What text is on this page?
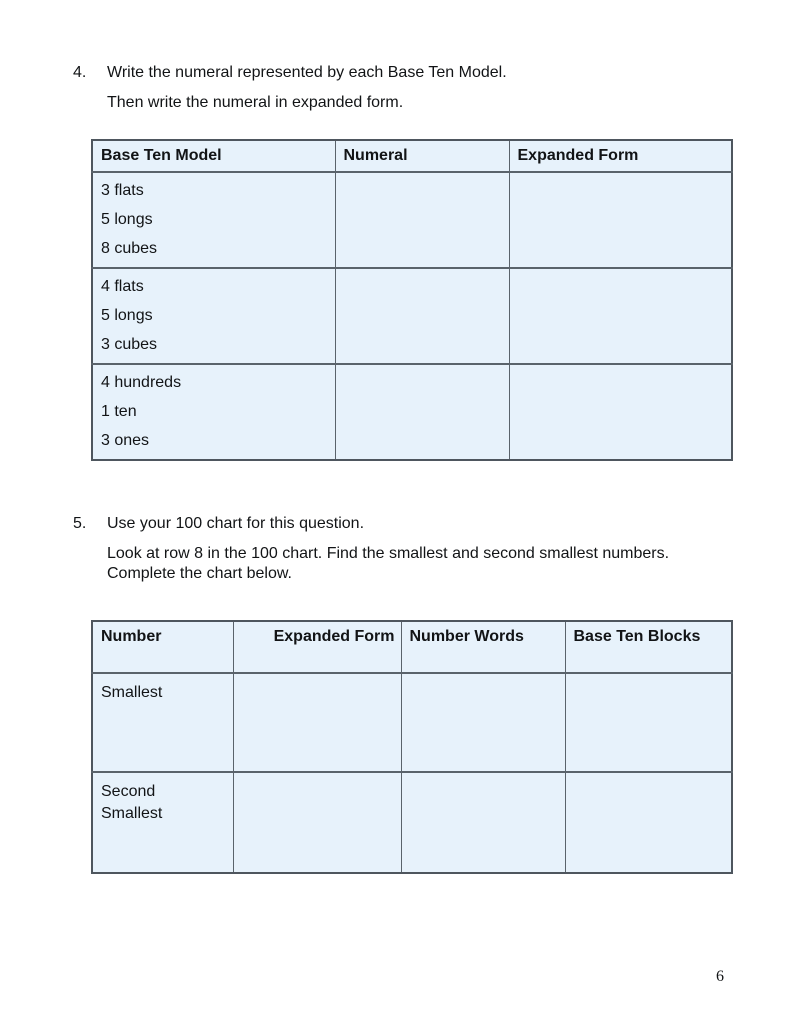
4. Write the numeral represented by each Base Ten Model.
Then write the numeral in expanded form.
Base Ten Model	Numeral	Expanded Form

3 flats
5 longs
8 cubes		

4 flats
5 longs
3 cubes		

4 hundreds
1 ten
3 ones		

5. Use your 100 chart for this question.
Look at row 8 in the 100 chart. Find the smallest and second smallest numbers. Complete the chart below.
Number	Expanded Form	Number Words	Base Ten Blocks

Smallest			

Second
Smallest			

6
